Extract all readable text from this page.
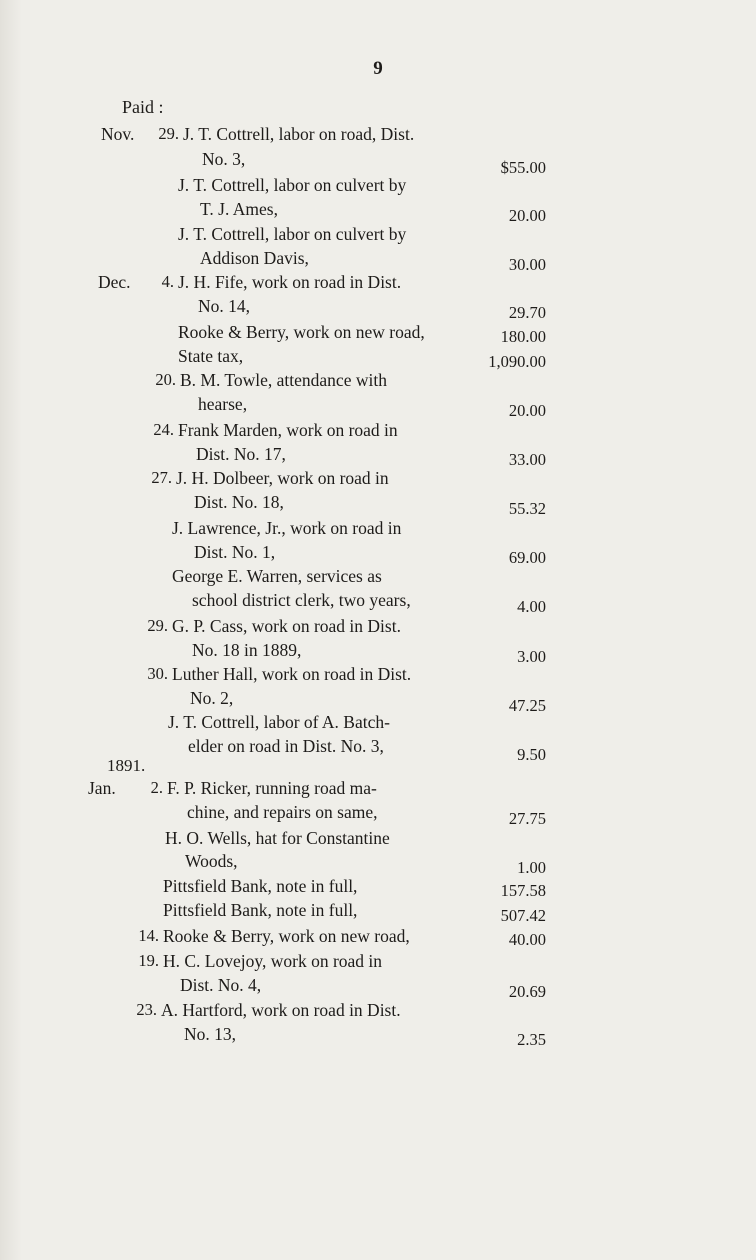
9
Paid :
1891.
Nov.	29. J. T. Cottrell, labor on road, Dist.
No. 3,	$55.00
J. T. Cottrell, labor on culvert by
T. J. Ames,	20.00
J. T. Cottrell, labor on culvert by
Addison Davis,	30.00
Dec.	4. J. H. Fife, work on road in Dist.
No. 14,	29.70
Rooke & Berry, work on new road,	180.00
State tax,	1,090.00
20. B. M. Towle, attendance with
hearse,	20.00
24. Frank Marden, work on road in
Dist. No. 17,	33.00
27. J. H. Dolbeer, work on road in
Dist. No. 18,	55.32
J. Lawrence, Jr., work on road in
Dist. No. 1,	69.00
George E. Warren, services as
school district clerk, two years,	4.00
29. G. P. Cass, work on road in Dist.
No. 18 in 1889,	3.00
30. Luther Hall, work on road in Dist.
No. 2,	47.25
J. T. Cottrell, labor of A. Batch-
elder on road in Dist. No. 3,	9.50
Jan.	2. F. P. Ricker, running road ma-
chine, and repairs on same,	27.75
H. O. Wells, hat for Constantine
Woods,	1.00
Pittsfield Bank, note in full,	157.58
Pittsfield Bank, note in full,	507.42
14. Rooke & Berry, work on new road,	40.00
19. H. C. Lovejoy, work on road in
Dist. No. 4,	20.69
23. A. Hartford, work on road in Dist.
No. 13,	2.35
